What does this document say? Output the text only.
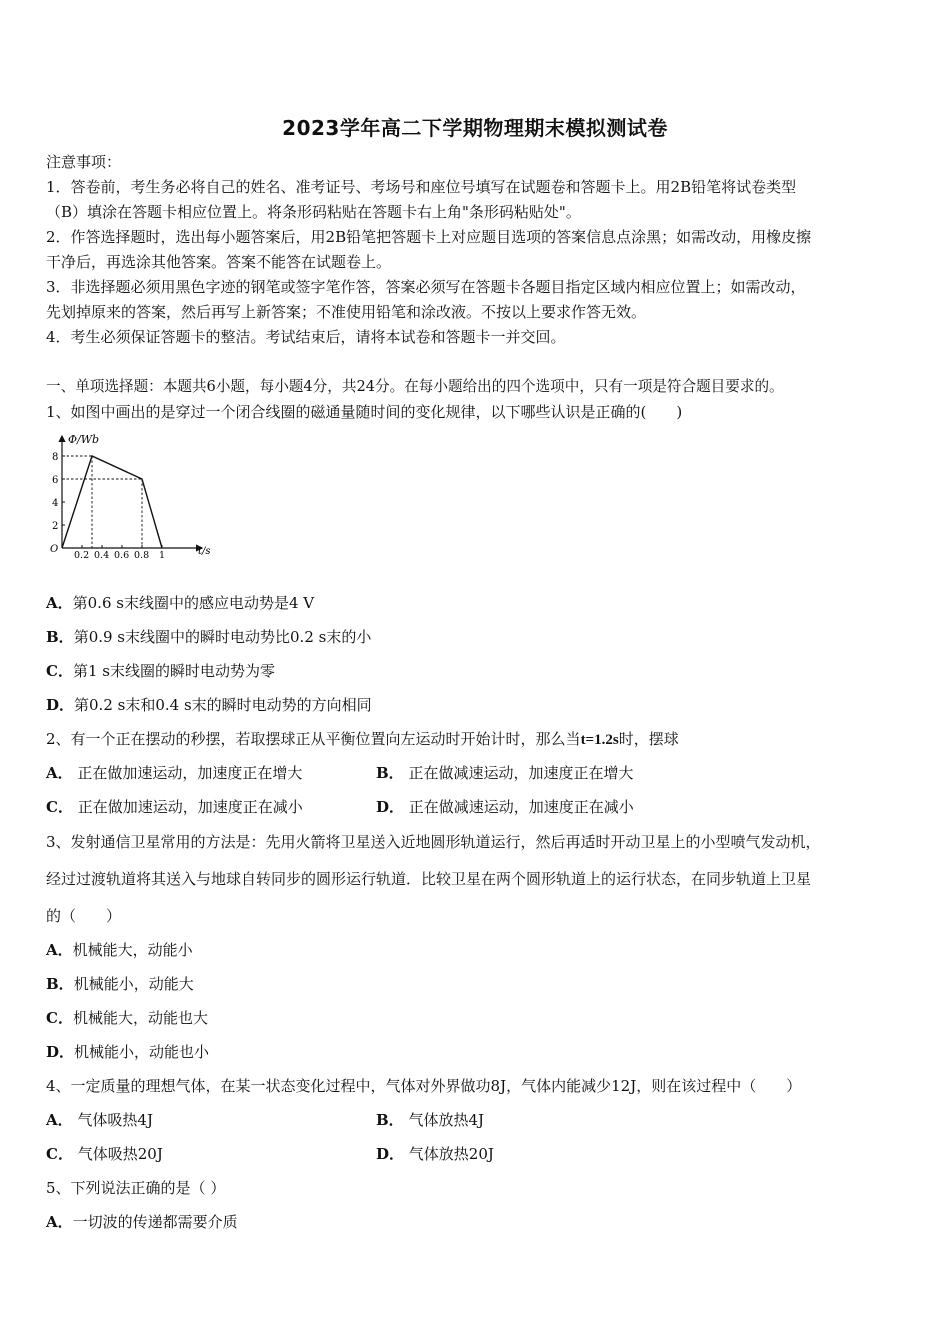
2023学年高二下学期物理期末模拟测试卷
注意事项：
1．答卷前，考生务必将自己的姓名、准考证号、考场号和座位号填写在试题卷和答题卡上。用2B铅笔将试卷类型
（B）填涂在答题卡相应位置上。将条形码粘贴在答题卡右上角"条形码粘贴处"。
2．作答选择题时，选出每小题答案后，用2B铅笔把答题卡上对应题目选项的答案信息点涂黑；如需改动，用橡皮擦
干净后，再选涂其他答案。答案不能答在试题卷上。
3．非选择题必须用黑色字迹的钢笔或签字笔作答，答案必须写在答题卡各题目指定区域内相应位置上；如需改动，
先划掉原来的答案，然后再写上新答案；不准使用铅笔和涂改液。不按以上要求作答无效。
4．考生必须保证答题卡的整洁。考试结束后，请将本试卷和答题卡一并交回。
一、单项选择题：本题共6小题，每小题4分，共24分。在每小题给出的四个选项中，只有一项是符合题目要求的。
1、如图中画出的是穿过一个闭合线圈的磁通量随时间的变化规律，以下哪些认识是正确的(　　)
Φ/Wb
t/s
O
8
6
4
2
0.2 0.4 0.6 0.8 1
A．第0.6 s末线圈中的感应电动势是4 V
B．第0.9 s末线圈中的瞬时电动势比0.2 s末的小
C．第1 s末线圈的瞬时电动势为零
D．第0.2 s末和0.4 s末的瞬时电动势的方向相同
2、有一个正在摆动的秒摆，若取摆球正从平衡位置向左运动时开始计时，那么当t=1.2s时，摆球
A． 正在做加速运动，加速度正在增大	B． 正在做减速运动，加速度正在增大
C． 正在做加速运动，加速度正在减小	D． 正在做减速运动，加速度正在减小
3、发射通信卫星常用的方法是：先用火箭将卫星送入近地圆形轨道运行，然后再适时开动卫星上的小型喷气发动机，
经过过渡轨道将其送入与地球自转同步的圆形运行轨道．比较卫星在两个圆形轨道上的运行状态，在同步轨道上卫星
的（　　）
A．机械能大，动能小
B．机械能小，动能大
C．机械能大，动能也大
D．机械能小，动能也小
4、一定质量的理想气体，在某一状态变化过程中，气体对外界做功8J，气体内能减少12J，则在该过程中（　　）
A． 气体吸热4J	B． 气体放热4J
C． 气体吸热20J	D． 气体放热20J
5、下列说法正确的是（ ）
A．一切波的传递都需要介质
